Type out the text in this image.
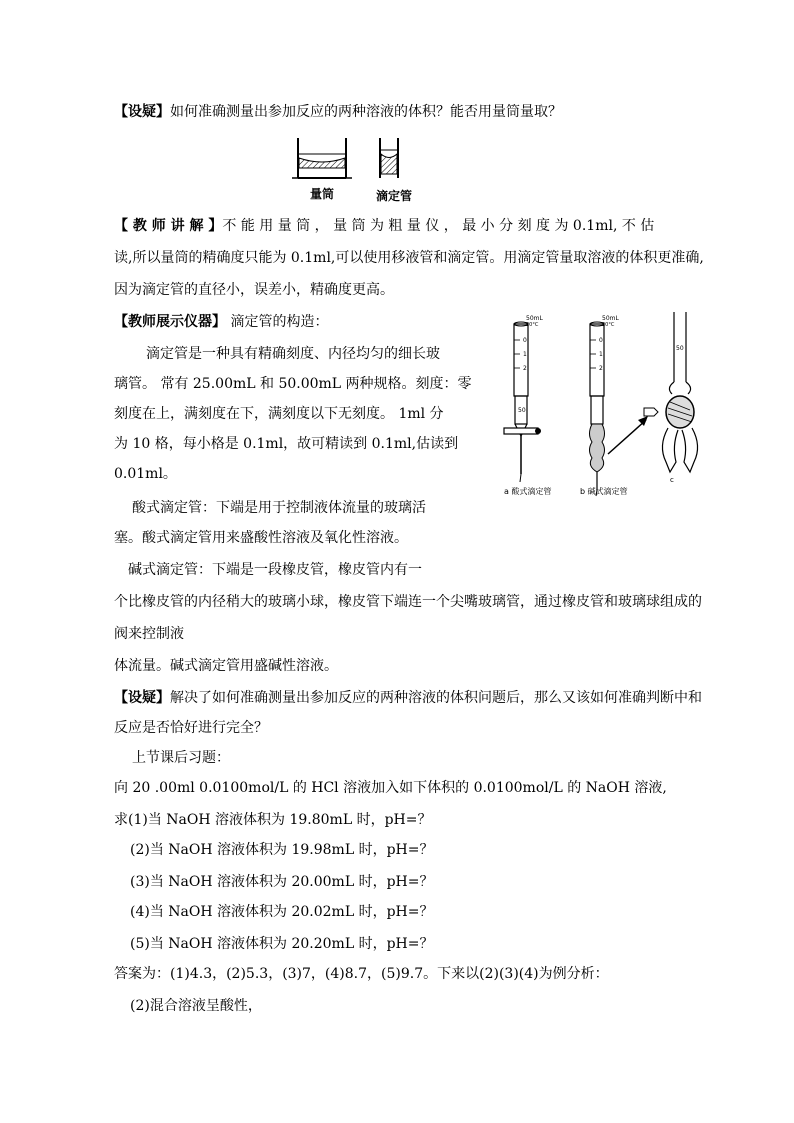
【设疑】如何准确测量出参加反应的两种溶液的体积？能否用量筒量取？
量筒	滴定管
【 教 师 讲 解 】不 能 用 量 筒 ， 量 筒 为 粗 量 仪 ， 最 小 分 刻 度 为 0.1ml, 不 估
读,所以量筒的精确度只能为 0.1ml,可以使用移液管和滴定管。用滴定管量取溶液的体积更准确,
因为滴定管的直径小，误差小，精确度更高。
【教师展示仪器】 滴定管的构造：
滴定管是一种具有精确刻度、内径均匀的细长玻
璃管。 常有 25.00mL 和 50.00mL 两种规格。刻度：零
刻度在上，满刻度在下，满刻度以下无刻度。 1ml 分
为 10 格，每小格是 0.1ml，故可精读到 0.1ml,估读到
0.01ml。
0
1
2
50mL
20°C
50
0
1
2
50mL
20°C
50
c
a 酸式滴定管	b 碱式滴定管
酸式滴定管：下端是用于控制液体流量的玻璃活
塞。酸式滴定管用来盛酸性溶液及氧化性溶液。
碱式滴定管：下端是一段橡皮管，橡皮管内有一
个比橡皮管的内径稍大的玻璃小球，橡皮管下端连一个尖嘴玻璃管，通过橡皮管和玻璃球组成的
阀来控制液
体流量。碱式滴定管用盛碱性溶液。
【设疑】解决了如何准确测量出参加反应的两种溶液的体积问题后，那么又该如何准确判断中和
反应是否恰好进行完全？
上节课后习题：
向 20 .00ml 0.0100mol/L 的 HCl 溶液加入如下体积的 0.0100mol/L 的 NaOH 溶液,
求(1)当 NaOH 溶液体积为 19.80mL 时，pH=？
(2)当 NaOH 溶液体积为 19.98mL 时，pH=？
(3)当 NaOH 溶液体积为 20.00mL 时，pH=？
(4)当 NaOH 溶液体积为 20.02mL 时，pH=？
(5)当 NaOH 溶液体积为 20.20mL 时，pH=？
答案为：(1)4.3，(2)5.3，(3)7，(4)8.7，(5)9.7。下来以(2)(3)(4)为例分析：
(2)混合溶液呈酸性，
